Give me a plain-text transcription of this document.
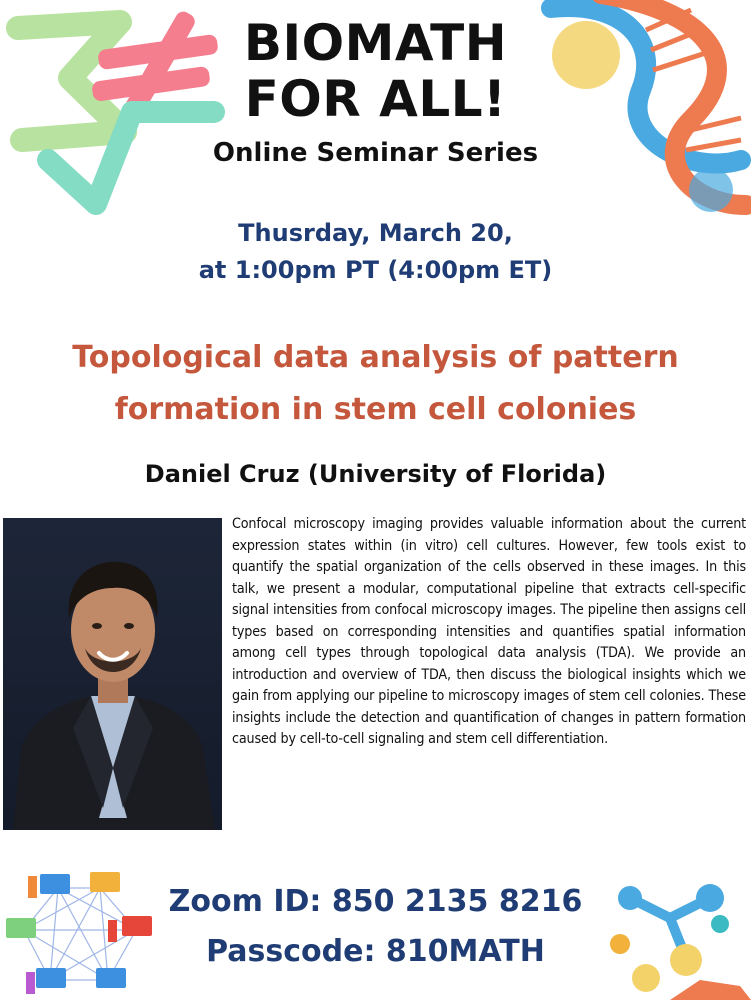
BIOMATH
FOR ALL!
Online Seminar Series
Thusrday, March 20,
at 1:00pm PT (4:00pm ET)
Topological data analysis of pattern
formation in stem cell colonies
Daniel Cruz (University of Florida)
Confocal microscopy imaging provides valuable information about the current expression states within (in vitro) cell cultures. However, few tools exist to quantify the spatial organization of the cells observed in these images. In this talk, we present a modular, computational pipeline that extracts cell-specific signal intensities from confocal microscopy images. The pipeline then assigns cell types based on corresponding intensities and quantifies spatial information among cell types through topological data analysis (TDA). We provide an introduction and overview of TDA, then discuss the biological insights which we gain from applying our pipeline to microscopy images of stem cell colonies. These insights include the detection and quantification of changes in pattern formation caused by cell-to-cell signaling and stem cell differentiation.
Zoom ID: 850 2135 8216
Passcode: 810MATH
